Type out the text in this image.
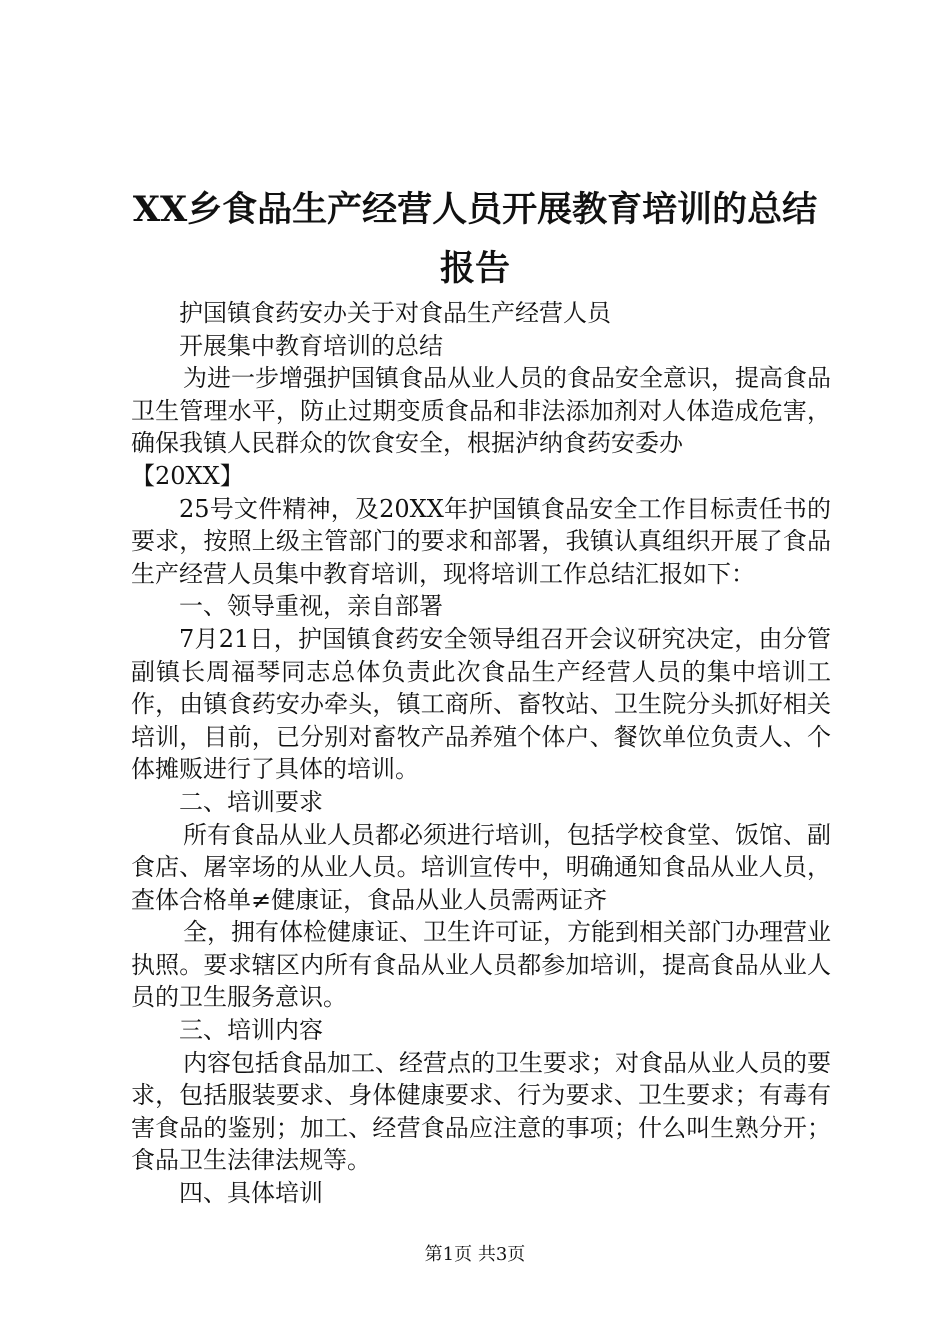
XX乡食品生产经营人员开展教育培训的总结
报告

护国镇食药安办关于对食品生产经营人员

开展集中教育培训的总结

为进一步增强护国镇食品从业人员的食品安全意识，提高食品卫生管理水平，防止过期变质食品和非法添加剂对人体造成危害，确保我镇人民群众的饮食安全，根据泸纳食药安委办

【20XX】

25号文件精神，及20XX年护国镇食品安全工作目标责任书的要求，按照上级主管部门的要求和部署，我镇认真组织开展了食品生产经营人员集中教育培训，现将培训工作总结汇报如下：

一、领导重视，亲自部署

7月21日，护国镇食药安全领导组召开会议研究决定，由分管副镇长周福琴同志总体负责此次食品生产经营人员的集中培训工作，由镇食药安办牵头，镇工商所、畜牧站、卫生院分头抓好相关培训，目前，已分别对畜牧产品养殖个体户、餐饮单位负责人、个体摊贩进行了具体的培训。

二、培训要求

所有食品从业人员都必须进行培训，包括学校食堂、饭馆、副食店、屠宰场的从业人员。培训宣传中，明确通知食品从业人员，查体合格单≠健康证，食品从业人员需两证齐

全，拥有体检健康证、卫生许可证，方能到相关部门办理营业执照。要求辖区内所有食品从业人员都参加培训，提高食品从业人员的卫生服务意识。

三、培训内容

内容包括食品加工、经营点的卫生要求；对食品从业人员的要求，包括服装要求、身体健康要求、行为要求、卫生要求；有毒有害食品的鉴别；加工、经营食品应注意的事项；什么叫生熟分开；食品卫生法律法规等。

四、具体培训

第1页 共3页
